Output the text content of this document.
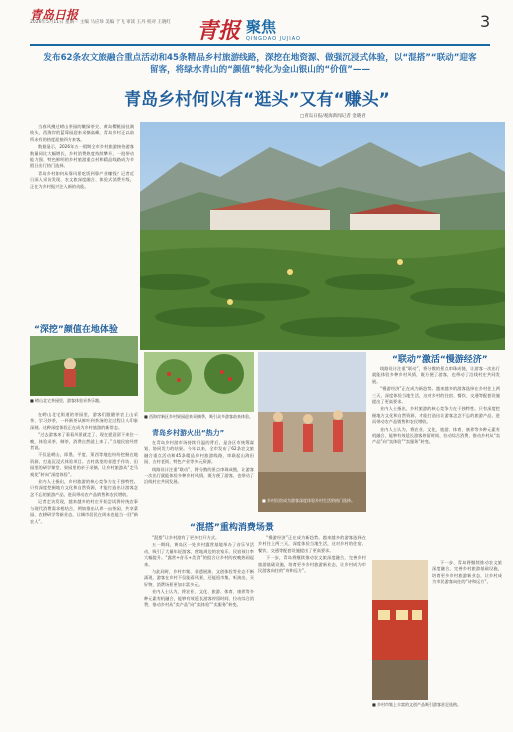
青岛日报
2026年5月11日 星期一 主编 马应珍 美编 于飞 审读 王丹 校对 王晓红	青报 聚焦
QINGDAO JUJIAO
3
发布62条农文旅融合重点活动和45条精品乡村旅游线路，深挖在地资源、做强沉浸式体验，以“混搭”“联动”迎客留客，将绿水青山的“颜值”转化为金山银山的“价值”——
青岛乡村何以有“逛头”又有“赚头”
□青岛日报/观海新闻记者 金晓君

当春风拂过崂山茶园的嫩绿茶尖、黄岛樱桃园挂满枝头、西海岸的蓝莓园迎来采摘高峰，青岛乡村正以前所未有的热度迎接四方来客。

数据显示，2026年五一假期全市乡村旅游接待游客数量同比大幅增长，乡村消费热度持续攀升，一批带动能力强、特色鲜明的乡村旅游重点村和精品线路成为节假日出行热门选择。

青岛乡村如何从靠风景吃饭到靠产业赚钱？记者近日深入采访发现，农文旅深度融合、体验式消费升级，正在为乡村振兴注入新的动能。

“深挖”颜值在地体验
■ 崂山北宅茶园里，游客体验采茶乐趣。

在崂山北宅街道的茶园里，游客们跟随茶农上山采茶、学习炒茶，一杯新茶从鲜叶到茶汤的全过程让人印象深刻。这种深度体验正在成为乡村旅游的新常态。

“过去游客来了看看风景就走了，现在愿意留下来住一晚，体验采茶、制茶，消费自然就上来了。”当地民宿经营者说。

不仅是崂山，即墨、平度、莱西等地也纷纷挖掘在地资源，打造沉浸式体验项目。古村落里的非遗手作坊、田园里的研学课堂、果园里的亲子采摘，让乡村旅游从“走马观花”转向“深度体验”。

业内人士指出，乡村旅游的核心竞争力在于独特性。只有深度挖掘地方文化和自然资源，才能打造出让游客念念不忘的旅游产品，进而带动农产品销售和农民增收。

记者走访发现，越来越多的村庄开始尝试将传统农事与现代消费需求相结合，例如推出认养一亩茶园、共享菜园、农耕研学等新业态，让城市居民在周末也能当一回“新农人”。

■ 西海岸新区乡村果园迎来采摘季，吸引众多游客前来体验。
青岛乡村游火出“热力”

在青岛乡村游市场持续升温的背后，是各区市统筹谋划、协同发力的结果。今年以来，全市发布了62条农文旅融合重点活动和45条精品乡村旅游线路，串联起山海田园、古村老街、特色产业等多元资源。

线路设计注重“联动”，将分散的景点串珠成链，让游客一次出行就能体验多种乡村风情，既方便了游客，也带动了沿线村庄共同发展。

■ 乡村民宿成为游客深度体验乡村生活的热门选择。
“混搭”重构消费场景

“混搭”让乡村游有了更多打开方式。

五一期间，黄岛区一处乡村露营基地举办了音乐节活动，吸引了大量年轻游客，营地周边的农家乐、民宿预订率大幅提升。“露营+音乐+美食”的组合让乡村的夜晚热闹起来。

与此同时，乡村市集、非遗展演、文创体验等业态不断涌现，游客在乡村不仅能看风景，还能逛市集、听演出、买好物，消费场景更加丰富多元。

业内人士认为，将农业、文化、旅游、体育、康养等多种元素有机融合，能够有效延长游客停留时间、拉动综合消费，推动乡村从“卖产品”向“卖体验”“卖服务”转变。

“慢游经济”正在成为新趋势。越来越多的游客选择在乡村住上两三天，深度体验当地生活，这对乡村的住宿、餐饮、交通等配套设施提出了更高要求。

下一步，青岛将继续推动农文旅深度融合，完善乡村旅游基础设施，培育更多乡村旅游新业态，让乡村成为市民游客向往的“诗和远方”。

“联动”激活“慢游经济”

线路设计注重“联动”，将分散的景点串珠成链，让游客一次出行就能体验多种乡村风情，既方便了游客，也带动了沿线村庄共同发展。

“慢游经济”正在成为新趋势。越来越多的游客选择在乡村住上两三天，深度体验当地生活，这对乡村的住宿、餐饮、交通等配套设施提出了更高要求。

业内人士指出，乡村旅游的核心竞争力在于独特性。只有深度挖掘地方文化和自然资源，才能打造出让游客念念不忘的旅游产品，进而带动农产品销售和农民增收。

业内人士认为，将农业、文化、旅游、体育、康养等多种元素有机融合，能够有效延长游客停留时间、拉动综合消费，推动乡村从“卖产品”向“卖体验”“卖服务”转变。

下一步，青岛将继续推动农文旅深度融合，完善乡村旅游基础设施，培育更多乡村旅游新业态，让乡村成为市民游客向往的“诗和远方”。

■ 乡村市集上丰富的文创产品吸引游客驻足选购。
